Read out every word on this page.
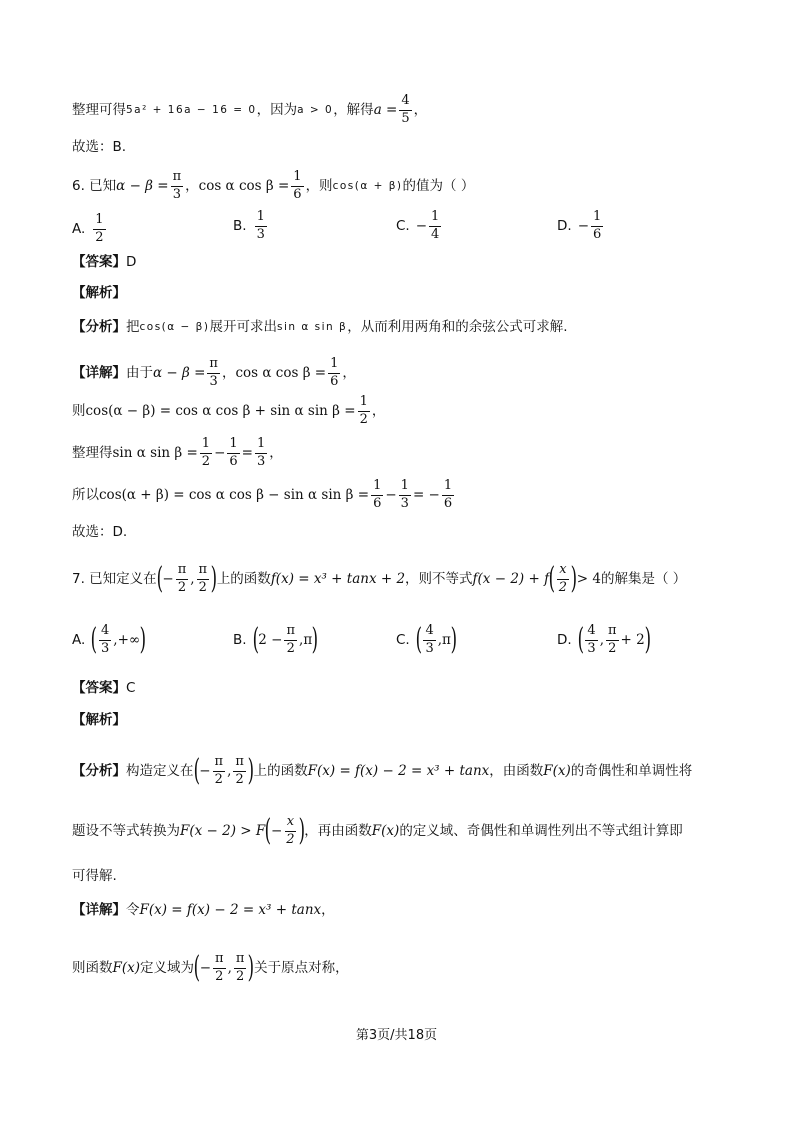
整理可得 5a² + 16a − 16 = 0 ，因为 a > 0 ，解得 $a = \frac{4}{5}$ ，
故选：B.
6. 已知 $\alpha - \beta = \frac{\pi}{3}$ ， cos α $\cos \beta = \frac{1}{6}$ ，则 cos(α + β) 的值为（ ）
A. $\frac{1}{2}$	B. $\frac{1}{3}$	C. − $\frac{1}{4}$	D. − $\frac{1}{6}$
【答案】 D
【解析】
【分析】 把 cos(α − β) 展开可求出 sin α sin β ，从而利用两角和的余弦公式可求解.
【详解】 由于 $\alpha - \beta = \frac{\pi}{3}$ ， cos α $\cos \beta = \frac{1}{6}$ ，
则 cos(α − β) = cos α cos β + sin α $\sin \beta = \frac{1}{2}$ ，
整理得 sin α $\sin \beta = \frac{1}{2} - \frac{1}{6} = \frac{1}{3}$ ，
所以 cos(α + β) = cos α cos β − sin α $\sin \beta = \frac{1}{6} - \frac{1}{3}$ = − $\frac{1}{6}$
故选：D.
7. 已知定义在 ( − $\frac{\pi}{2}$ , $\frac{\pi}{2}$ ) 上的函数 f(x) = x³ + tanx + 2 ，则不等式 f(x − 2) + f ( $\frac{x}{2}$ ) > 4 的解集是（ ）
A. ( $\frac{4}{3}$ , +∞ )	B. ( $2 - \frac{\pi}{2}$ , π )	C. ( $\frac{4}{3}$ , π )	D. ( $\frac{4}{3}$ , $\frac{\pi}{2} + 2$ )
【答案】 C
【解析】
【分析】 构造定义在 ( − $\frac{\pi}{2}$ , $\frac{\pi}{2}$ ) 上的函数 F(x) = f(x) − 2 = x³ + tanx ，由函数 F(x) 的奇偶性和单调性将
题设不等式转换为 F(x − 2) > F ( − $\frac{x}{2}$ ) ，再由函数 F(x) 的定义域、奇偶性和单调性列出不等式组计算即
可得解.
【详解】 令 F(x) = f(x) − 2 = x³ + tanx ，
则函数 F(x) 定义域为 ( − $\frac{\pi}{2}$ , $\frac{\pi}{2}$ ) 关于原点对称，
第3页/共18页
